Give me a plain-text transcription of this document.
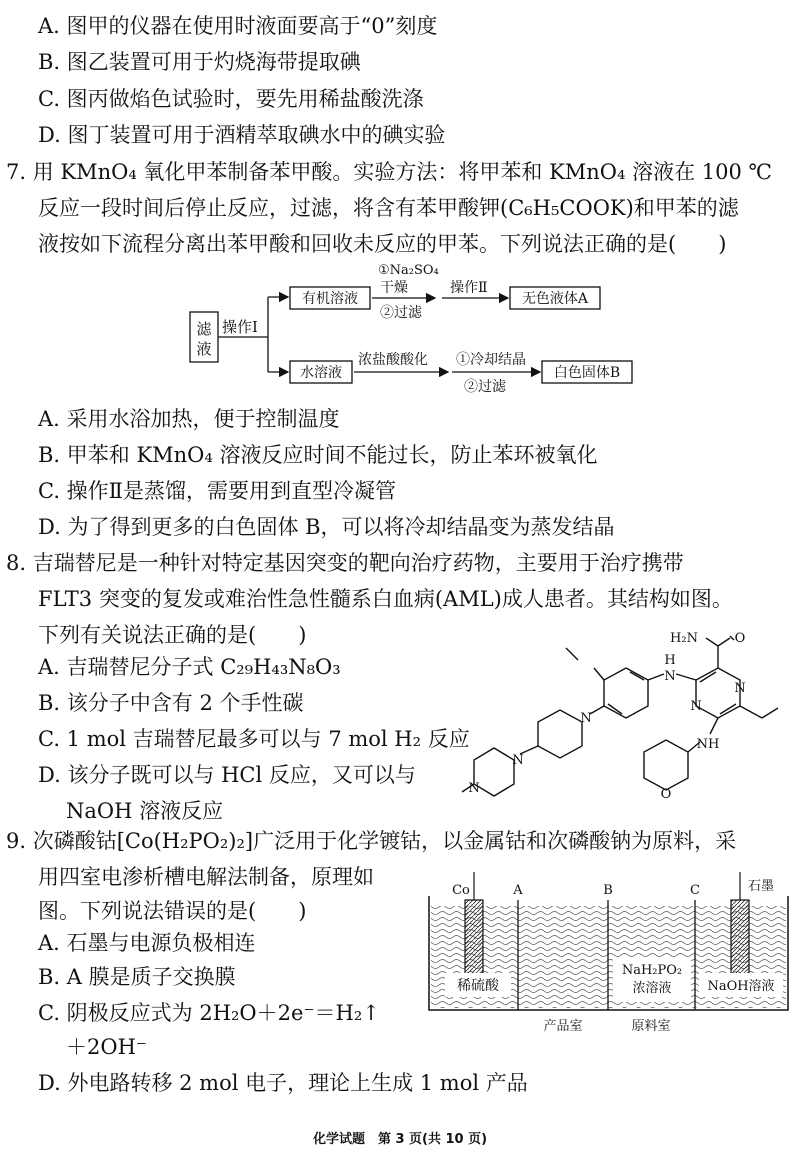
A. 图甲的仪器在使用时液面要高于“0”刻度
B. 图乙装置可用于灼烧海带提取碘
C. 图丙做焰色试验时，要先用稀盐酸洗涤
D. 图丁装置可用于酒精萃取碘水中的碘实验
7. 用 KMnO₄ 氧化甲苯制备苯甲酸。实验方法：将甲苯和 KMnO₄ 溶液在 100 ℃
反应一段时间后停止反应，过滤，将含有苯甲酸钾(C₆H₅COOK)和甲苯的滤
液按如下流程分离出苯甲酸和回收未反应的甲苯。下列说法正确的是(　　)
滤
液
操作Ⅰ
有机溶液
①Na₂SO₄
干燥
②过滤
操作Ⅱ
无色液体A
水溶液
浓盐酸酸化 ①冷却结晶
②过滤
白色固体B
A. 采用水浴加热，便于控制温度
B. 甲苯和 KMnO₄ 溶液反应时间不能过长，防止苯环被氧化
C. 操作Ⅱ是蒸馏，需要用到直型冷凝管
D. 为了得到更多的白色固体 B，可以将冷却结晶变为蒸发结晶
8. 吉瑞替尼是一种针对特定基因突变的靶向治疗药物，主要用于治疗携带
FLT3 突变的复发或难治性急性髓系白血病(AML)成人患者。其结构如图。
下列有关说法正确的是(　　)
A. 吉瑞替尼分子式 C₂₉H₄₃N₈O₃
B. 该分子中含有 2 个手性碳
C. 1 mol 吉瑞替尼最多可以与 7 mol H₂ 反应
D. 该分子既可以与 HCl 反应，又可以与
NaOH 溶液反应
H₂N	O
H
N
N
N
NH
N
N
N	O
9. 次磷酸钴[Co(H₂PO₂)₂]广泛用于化学镀钴，以金属钴和次磷酸钠为原料，采
用四室电渗析槽电解法制备，原理如
图。下列说法错误的是(　　)
A. 石墨与电源负极相连
B. A 膜是质子交换膜
C. 阴极反应式为 2H₂O＋2e⁻＝H₂↑
＋2OH⁻
D. 外电路转移 2 mol 电子，理论上生成 1 mol 产品
Co	石墨
A	B	C
稀硫酸
NaH₂PO₂
浓溶液	NaOH溶液
产品室	原料室
化学试题　第 3 页(共 10 页)
